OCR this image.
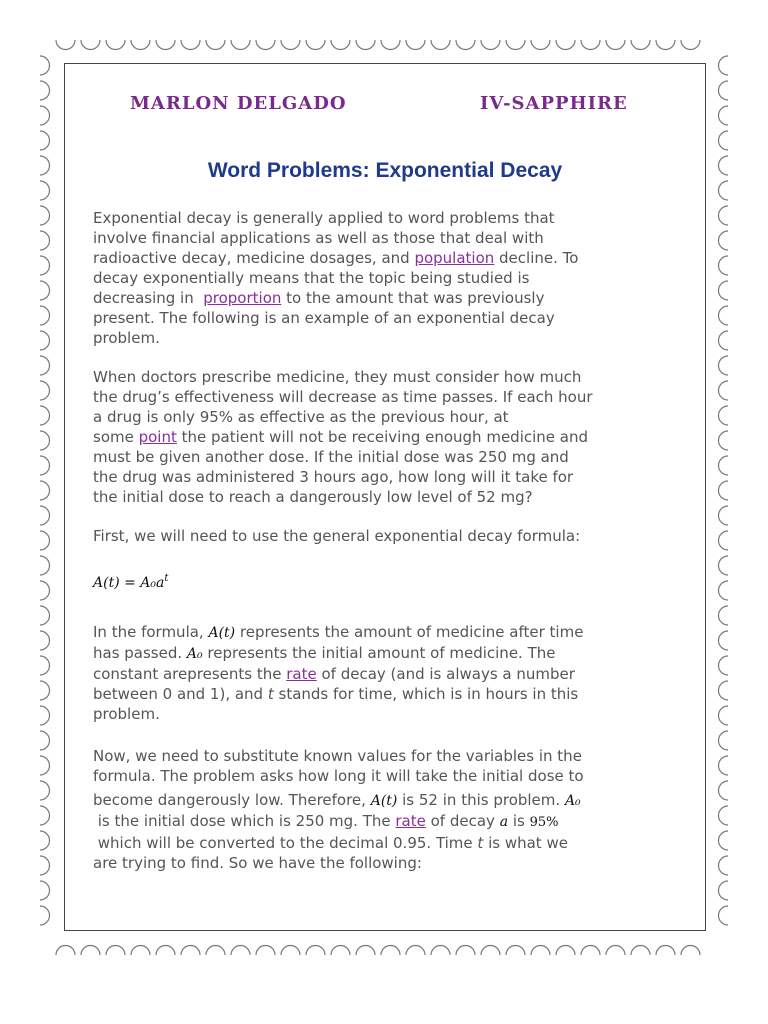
MARLON DELGADO	IV-SAPPHIRE
Word Problems: Exponential Decay
Exponential decay is generally applied to word problems that
involve financial applications as well as those that deal with
radioactive decay, medicine dosages, and population decline. To
decay exponentially means that the topic being studied is
decreasing in  proportion to the amount that was previously
present. The following is an example of an exponential decay
problem.
When doctors prescribe medicine, they must consider how much
the drug’s effectiveness will decrease as time passes. If each hour
a drug is only 95% as effective as the previous hour, at
some point the patient will not be receiving enough medicine and
must be given another dose. If the initial dose was 250 mg and
the drug was administered 3 hours ago, how long will it take for
the initial dose to reach a dangerously low level of 52 mg?
First, we will need to use the general exponential decay formula:
$A(t) = A_0a^t$
In the formula, A(t) represents the amount of medicine after time
has passed. A₀ represents the initial amount of medicine. The
constant arepresents the rate of decay (and is always a number
between 0 and 1), and t stands for time, which is in hours in this
problem.
Now, we need to substitute known values for the variables in the
formula. The problem asks how long it will take the initial dose to
become dangerously low. Therefore, A(t) is 52 in this problem. A₀
is the initial dose which is 250 mg. The rate of decay a is 95%
which will be converted to the decimal 0.95. Time t is what we
are trying to find. So we have the following:
